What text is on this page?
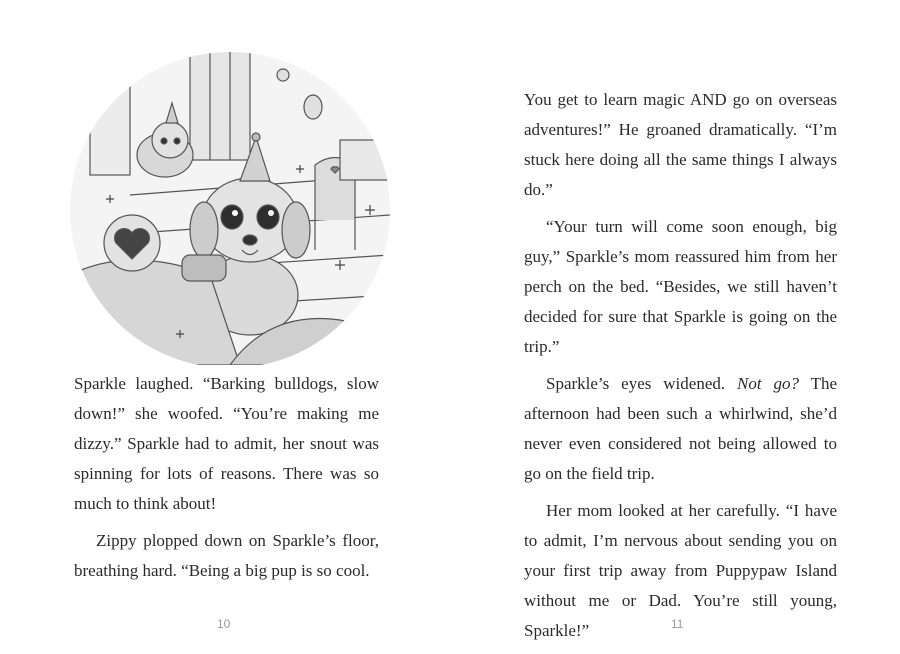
Sparkle laughed. “Barking bulldogs, slow down!” she woofed. “You’re making me dizzy.” Sparkle had to admit, her snout was spinning for lots of reasons. There was so much to think about!

Zippy plopped down on Sparkle’s floor, breathing hard. “Being a big pup is so cool.

10

You get to learn magic AND go on overseas adventures!” He groaned dramatically. “I’m stuck here doing all the same things I always do.”

“Your turn will come soon enough, big guy,” Sparkle’s mom reassured him from her perch on the bed. “Besides, we still haven’t decided for sure that Sparkle is going on the trip.”

Sparkle’s eyes widened. Not go? The afternoon had been such a whirlwind, she’d never even considered not being allowed to go on the field trip.

Her mom looked at her carefully. “I have to admit, I’m nervous about sending you on your first trip away from Puppypaw Island without me or Dad. You’re still young, Sparkle!”	11
